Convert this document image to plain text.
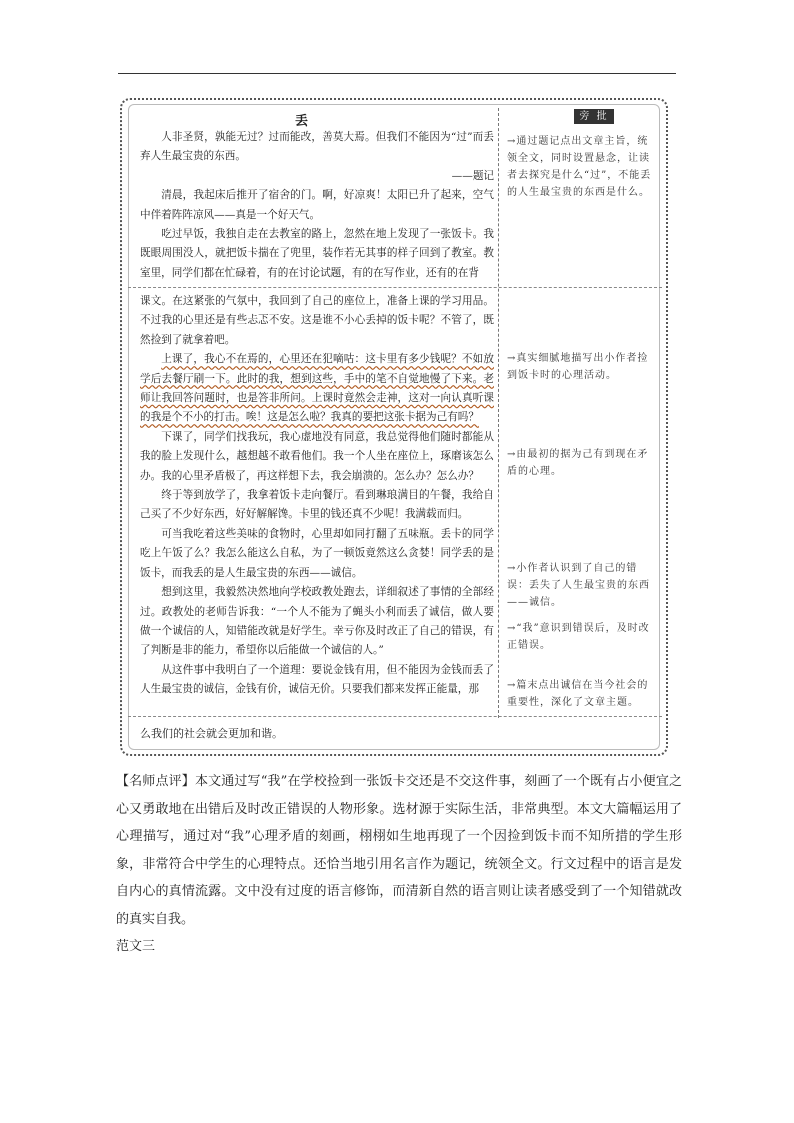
丢	旁 批

人非圣贤，孰能无过？过而能改，善莫大焉。但我们不能因为“过”而丢弃人生最宝贵的东西。

——题记

清晨，我起床后推开了宿舍的门。啊，好凉爽！太阳已升了起来，空气中伴着阵阵凉风——真是一个好天气。

吃过早饭，我独自走在去教室的路上，忽然在地上发现了一张饭卡。我既眼周围没人，就把饭卡揣在了兜里，装作若无其事的样子回到了教室。教室里，同学们都在忙碌着，有的在讨论试题，有的在写作业，还有的在背

课文。在这紧张的气氛中，我回到了自己的座位上，准备上课的学习用品。不过我的心里还是有些忐忑不安。这是谁不小心丢掉的饭卡呢？不管了，既然捡到了就拿着吧。

上课了，我心不在焉的，心里还在犯嘀咕：这卡里有多少钱呢？不如放学后去餐厅刷一下。此时的我，想到这些，手中的笔不自觉地慢了下来。老师让我回答问题时，也是答非所问。上课时竟然会走神，这对一向认真听课的我是个不小的打击。唉！这是怎么啦？我真的要把这张卡据为己有吗？

下课了，同学们找我玩，我心虚地没有同意，我总觉得他们随时都能从我的脸上发现什么，越想越不敢看他们。我一个人坐在座位上，琢磨该怎么办。我的心里矛盾极了，再这样想下去，我会崩溃的。怎么办？怎么办？

终于等到放学了，我拿着饭卡走向餐厅。看到琳琅满目的午餐，我给自己买了不少好东西，好好解解馋。卡里的钱还真不少呢！我满载而归。

可当我吃着这些美味的食物时，心里却如同打翻了五味瓶。丢卡的同学吃上午饭了么？我怎么能这么自私，为了一顿饭竟然这么贪婪！同学丢的是饭卡，而我丢的是人生最宝贵的东西——诚信。

想到这里，我毅然决然地向学校政教处跑去，详细叙述了事情的全部经过。政教处的老师告诉我：“一个人不能为了蝇头小利而丢了诚信，做人要做一个诚信的人，知错能改就是好学生。幸亏你及时改正了自己的错误，有了判断是非的能力，希望你以后能做一个诚信的人。”

从这件事中我明白了一个道理：要说金钱有用，但不能因为金钱而丢了人生最宝贵的诚信，金钱有价，诚信无价。只要我们都来发挥正能量，那

→通过题记点出文章主旨，统领全文，同时设置悬念，让读者去探究是什么“过”，不能丢的人生最宝贵的东西是什么。
→真实细腻地描写出小作者捡到饭卡时的心理活动。
→由最初的据为己有到现在矛盾的心理。
→小作者认识到了自己的错误：丢失了人生最宝贵的东西——诚信。
→“我”意识到错误后，及时改正错误。
→篇末点出诚信在当今社会的重要性，深化了文章主题。
么我们的社会就会更加和谐。
【名师点评】本文通过写“我”在学校捡到一张饭卡交还是不交这件事，刻画了一个既有占小便宜之心又勇敢地在出错后及时改正错误的人物形象。选材源于实际生活，非常典型。本文大篇幅运用了心理描写，通过对“我”心理矛盾的刻画，栩栩如生地再现了一个因捡到饭卡而不知所措的学生形象，非常符合中学生的心理特点。还恰当地引用名言作为题记，统领全文。行文过程中的语言是发自内心的真情流露。文中没有过度的语言修饰，而清新自然的语言则让读者感受到了一个知错就改的真实自我。
范文三
